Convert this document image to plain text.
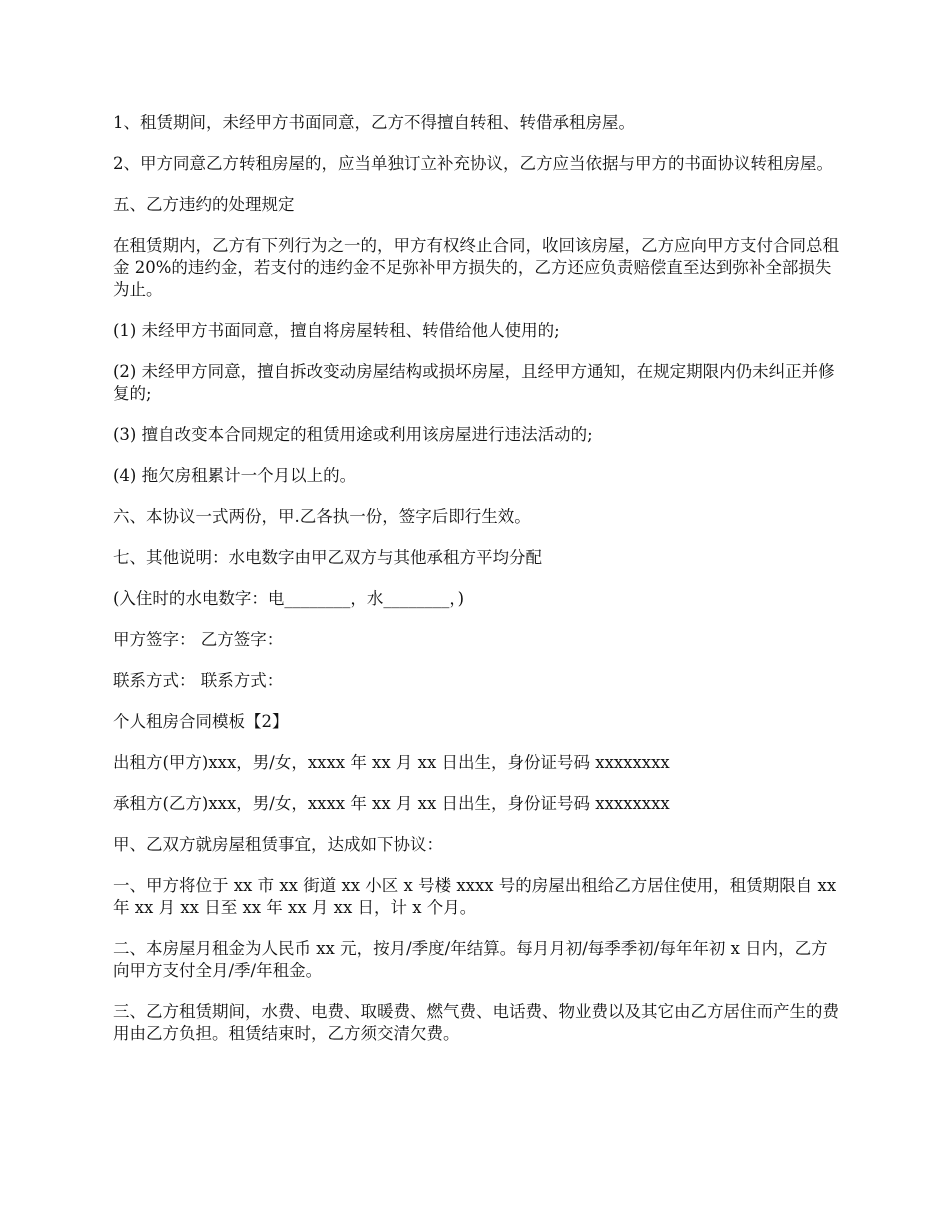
1、租赁期间，未经甲方书面同意，乙方不得擅自转租、转借承租房屋。

2、甲方同意乙方转租房屋的，应当单独订立补充协议，乙方应当依据与甲方的书面协议转租房屋。

五、乙方违约的处理规定

在租赁期内，乙方有下列行为之一的，甲方有权终止合同，收回该房屋，乙方应向甲方支付合同总租金 20%的违约金，若支付的违约金不足弥补甲方损失的，乙方还应负责赔偿直至达到弥补全部损失为止。

(1) 未经甲方书面同意，擅自将房屋转租、转借给他人使用的;

(2) 未经甲方同意，擅自拆改变动房屋结构或损坏房屋，且经甲方通知，在规定期限内仍未纠正并修复的;

(3) 擅自改变本合同规定的租赁用途或利用该房屋进行违法活动的;

(4) 拖欠房租累计一个月以上的。

六、本协议一式两份，甲.乙各执一份，签字后即行生效。

七、其他说明：水电数字由甲乙双方与其他承租方平均分配

(入住时的水电数字：电________，水________，)

甲方签字： 乙方签字：

联系方式： 联系方式：

个人租房合同模板【2】

出租方(甲方)xxx，男/女，xxxx 年 xx 月 xx 日出生，身份证号码 xxxxxxxx

承租方(乙方)xxx，男/女，xxxx 年 xx 月 xx 日出生，身份证号码 xxxxxxxx

甲、乙双方就房屋租赁事宜，达成如下协议：

一、甲方将位于 xx 市 xx 街道 xx 小区 x 号楼 xxxx 号的房屋出租给乙方居住使用，租赁期限自 xx 年 xx 月 xx 日至 xx 年 xx 月 xx 日，计 x 个月。

二、本房屋月租金为人民币 xx 元，按月/季度/年结算。每月月初/每季季初/每年年初 x 日内，乙方向甲方支付全月/季/年租金。

三、乙方租赁期间，水费、电费、取暖费、燃气费、电话费、物业费以及其它由乙方居住而产生的费用由乙方负担。租赁结束时，乙方须交清欠费。
